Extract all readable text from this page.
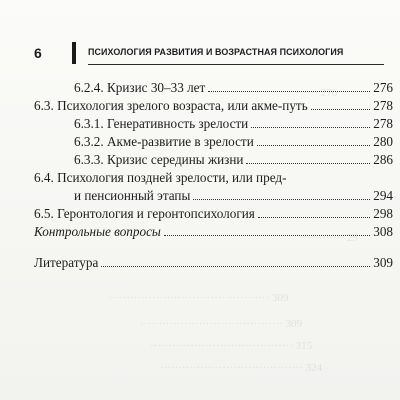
······ 276
············ 29
············································ 309
······································· 309
······································· 315
······································· 324
6	ПСИХОЛОГИЯ РАЗВИТИЯ И ВОЗРАСТНАЯ ПСИХОЛОГИЯ
6.2.4. Кризис 30–33 лет	276
6.3. Психология зрелого возраста, или акме-путь	278
6.3.1. Генеративность зрелости	278
6.3.2. Акме-развитие в зрелости	280
6.3.3. Кризис середины жизни	286
6.4. Психология поздней зрелости, или пред-
и пенсионный этапы	294
6.5. Геронтология и геронтопсихология	298
Контрольные вопросы	308
Литература	309
